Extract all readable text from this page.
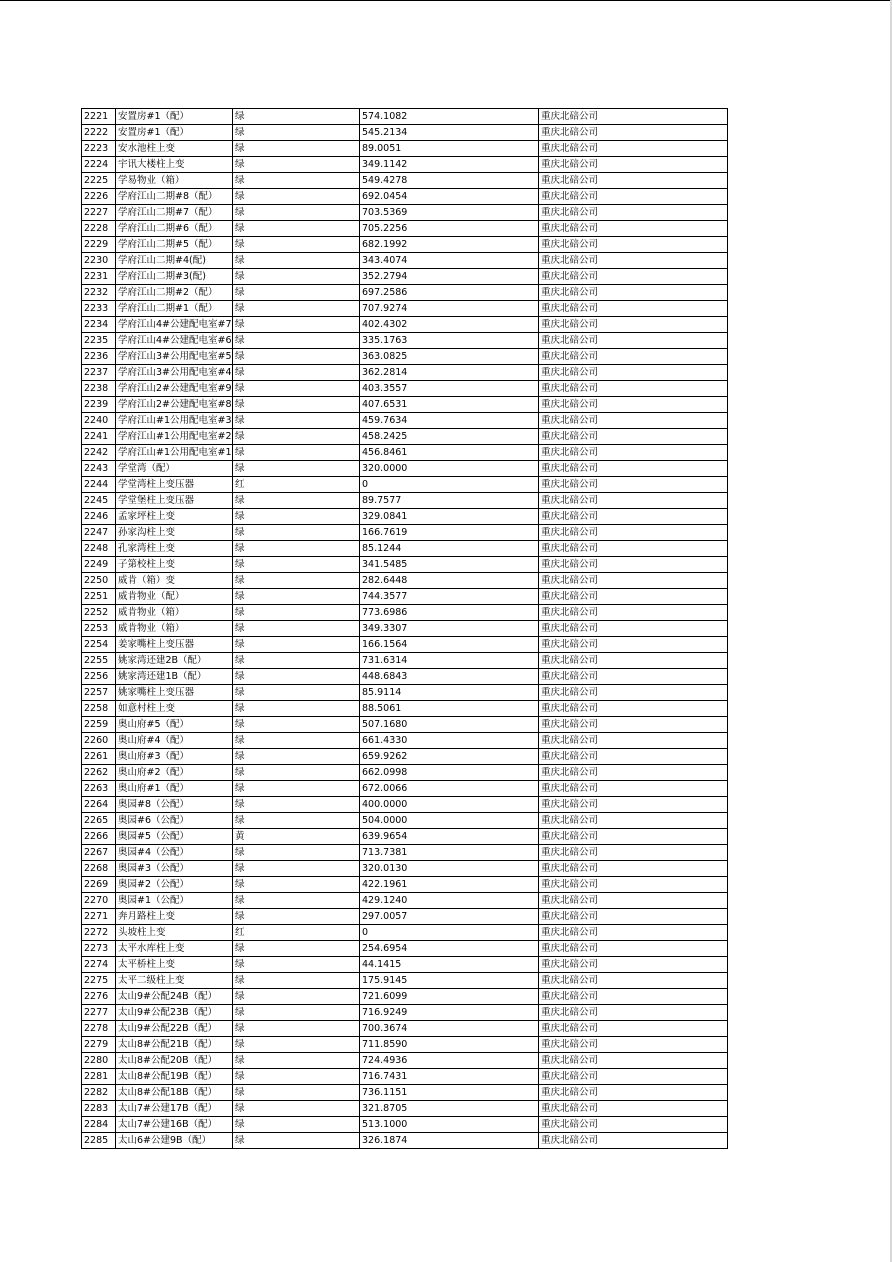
2221	安置房#1（配）	绿	574.1082	重庆北碚公司
2222	安置房#1（配）	绿	545.2134	重庆北碚公司
2223	安水池柱上变	绿	89.0051	重庆北碚公司
2224	宇讯大楼柱上变	绿	349.1142	重庆北碚公司
2225	学易物业（箱）	绿	549.4278	重庆北碚公司
2226	学府江山二期#8（配）	绿	692.0454	重庆北碚公司
2227	学府江山二期#7（配）	绿	703.5369	重庆北碚公司
2228	学府江山二期#6（配）	绿	705.2256	重庆北碚公司
2229	学府江山二期#5（配）	绿	682.1992	重庆北碚公司
2230	学府江山二期#4(配)	绿	343.4074	重庆北碚公司
2231	学府江山二期#3(配)	绿	352.2794	重庆北碚公司
2232	学府江山二期#2（配）	绿	697.2586	重庆北碚公司
2233	学府江山二期#1（配）	绿	707.9274	重庆北碚公司
2234	学府江山4#公建配电室#7	绿	402.4302	重庆北碚公司
2235	学府江山4#公建配电室#6	绿	335.1763	重庆北碚公司
2236	学府江山3#公用配电室#5	绿	363.0825	重庆北碚公司
2237	学府江山3#公用配电室#4	绿	362.2814	重庆北碚公司
2238	学府江山2#公建配电室#9	绿	403.3557	重庆北碚公司
2239	学府江山2#公建配电室#8	绿	407.6531	重庆北碚公司
2240	学府江山#1公用配电室#3	绿	459.7634	重庆北碚公司
2241	学府江山#1公用配电室#2	绿	458.2425	重庆北碚公司
2242	学府江山#1公用配电室#1	绿	456.8461	重庆北碚公司
2243	学堂湾（配）	绿	320.0000	重庆北碚公司
2244	学堂湾柱上变压器	红	0	重庆北碚公司
2245	学堂堡柱上变压器	绿	89.7577	重庆北碚公司
2246	孟家坪柱上变	绿	329.0841	重庆北碚公司
2247	孙家沟柱上变	绿	166.7619	重庆北碚公司
2248	孔家湾柱上变	绿	85.1244	重庆北碚公司
2249	子第校柱上变	绿	341.5485	重庆北碚公司
2250	威肯（箱）变	绿	282.6448	重庆北碚公司
2251	威肯物业（配）	绿	744.3577	重庆北碚公司
2252	威肯物业（箱）	绿	773.6986	重庆北碚公司
2253	威肯物业（箱）	绿	349.3307	重庆北碚公司
2254	姜家嘴柱上变压器	绿	166.1564	重庆北碚公司
2255	姚家湾还建2B（配）	绿	731.6314	重庆北碚公司
2256	姚家湾还建1B（配）	绿	448.6843	重庆北碚公司
2257	姚家嘴柱上变压器	绿	85.9114	重庆北碚公司
2258	如意村柱上变	绿	88.5061	重庆北碚公司
2259	奥山府#5（配）	绿	507.1680	重庆北碚公司
2260	奥山府#4（配）	绿	661.4330	重庆北碚公司
2261	奥山府#3（配）	绿	659.9262	重庆北碚公司
2262	奥山府#2（配）	绿	662.0998	重庆北碚公司
2263	奥山府#1（配）	绿	672.0066	重庆北碚公司
2264	奥园#8（公配）	绿	400.0000	重庆北碚公司
2265	奥园#6（公配）	绿	504.0000	重庆北碚公司
2266	奥园#5（公配）	黄	639.9654	重庆北碚公司
2267	奥园#4（公配）	绿	713.7381	重庆北碚公司
2268	奥园#3（公配）	绿	320.0130	重庆北碚公司
2269	奥园#2（公配）	绿	422.1961	重庆北碚公司
2270	奥园#1（公配）	绿	429.1240	重庆北碚公司
2271	奔月路柱上变	绿	297.0057	重庆北碚公司
2272	头坡柱上变	红	0	重庆北碚公司
2273	太平水库柱上变	绿	254.6954	重庆北碚公司
2274	太平桥柱上变	绿	44.1415	重庆北碚公司
2275	太平二级柱上变	绿	175.9145	重庆北碚公司
2276	太山9#公配24B（配）	绿	721.6099	重庆北碚公司
2277	太山9#公配23B（配）	绿	716.9249	重庆北碚公司
2278	太山9#公配22B（配）	绿	700.3674	重庆北碚公司
2279	太山8#公配21B（配）	绿	711.8590	重庆北碚公司
2280	太山8#公配20B（配）	绿	724.4936	重庆北碚公司
2281	太山8#公配19B（配）	绿	716.7431	重庆北碚公司
2282	太山8#公配18B（配）	绿	736.1151	重庆北碚公司
2283	太山7#公建17B（配）	绿	321.8705	重庆北碚公司
2284	太山7#公建16B（配）	绿	513.1000	重庆北碚公司
2285	太山6#公建9B（配）	绿	326.1874	重庆北碚公司
